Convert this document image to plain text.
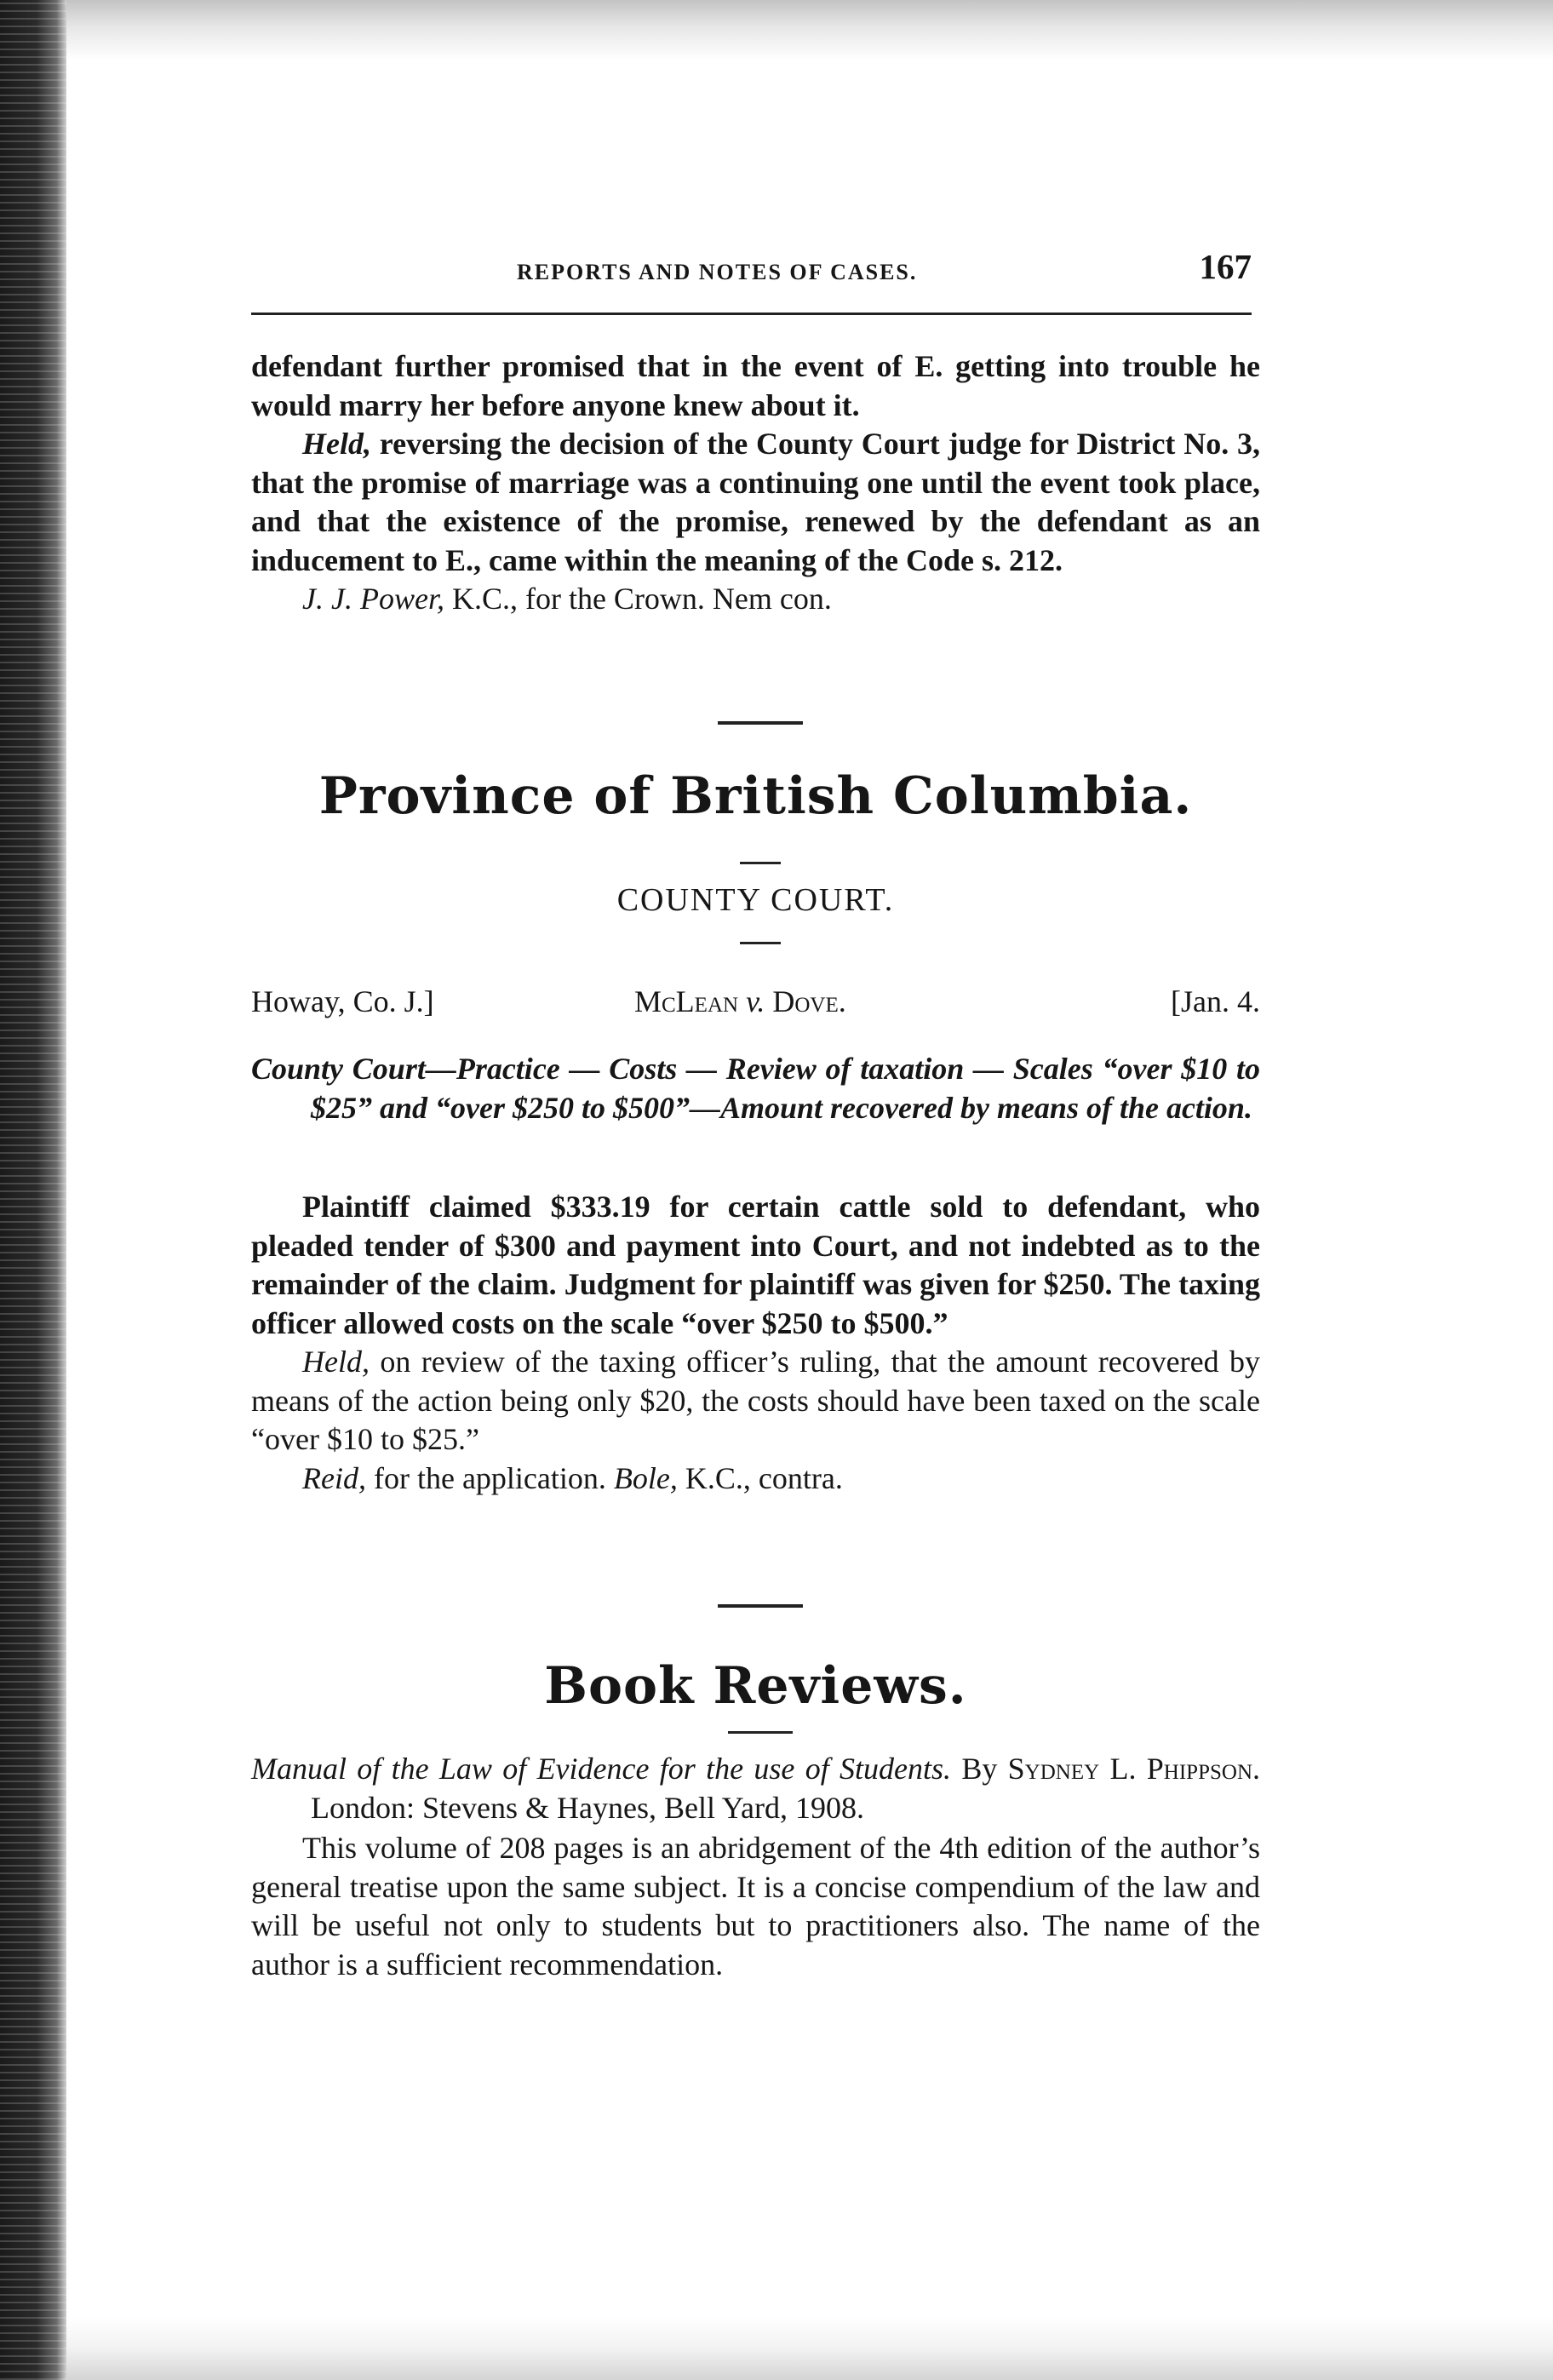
REPORTS AND NOTES OF CASES.	167

defendant further promised that in the event of E. getting into trouble he would marry her before anyone knew about it.

Held, reversing the decision of the County Court judge for District No. 3, that the promise of marriage was a continuing one until the event took place, and that the existence of the promise, renewed by the defendant as an inducement to E., came within the meaning of the Code s. 212.

J. J. Power, K.C., for the Crown. Nem con.

Province of British Columbia.
COUNTY COURT.
Howay, Co. J.]	McLean v. Dove.	[Jan. 4.

County Court—Practice — Costs — Review of taxation — Scales “over $10 to $25” and “over $250 to $500”—Amount recovered by means of the action.

Plaintiff claimed $333.19 for certain cattle sold to defendant, who pleaded tender of $300 and payment into Court, and not indebted as to the remainder of the claim. Judgment for plaintiff was given for $250. The taxing officer allowed costs on the scale “over $250 to $500.”

Held, on review of the taxing officer’s ruling, that the amount recovered by means of the action being only $20, the costs should have been taxed on the scale “over $10 to $25.”

Reid, for the application. Bole, K.C., contra.

Book Reviews.

Manual of the Law of Evidence for the use of Students. By Sydney L. Phippson. London: Stevens & Haynes, Bell Yard, 1908.

This volume of 208 pages is an abridgement of the 4th edition of the author’s general treatise upon the same subject. It is a concise compendium of the law and will be useful not only to students but to practitioners also. The name of the author is a sufficient recommendation.
